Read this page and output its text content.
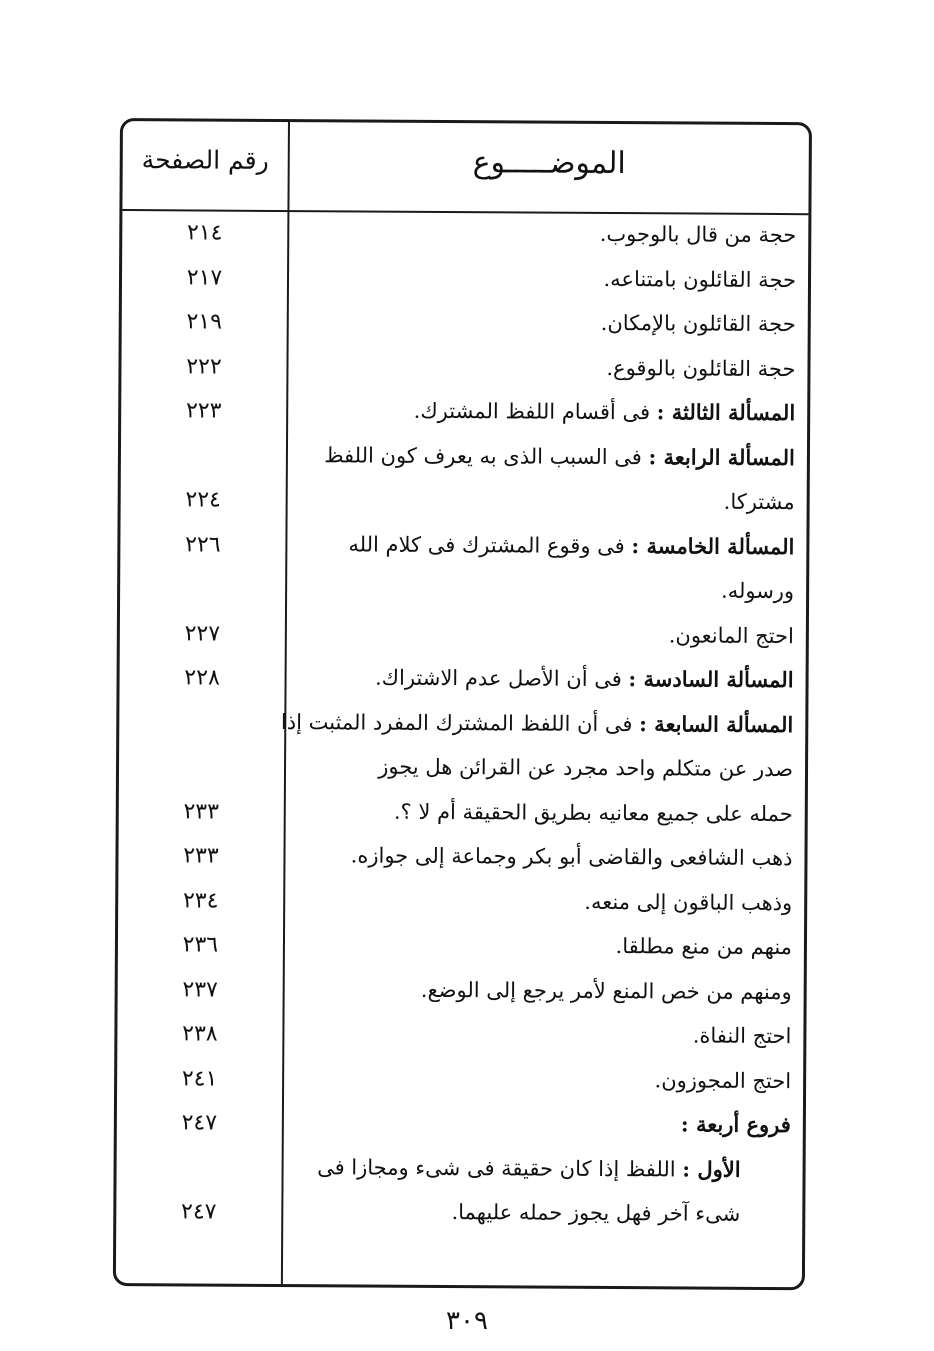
الموضـــــوع
رقم الصفحة
حجة من قال بالوجوب.
٢١٤
حجة القائلون بامتناعه.
٢١٧
حجة القائلون بالإمكان.
٢١٩
حجة القائلون بالوقوع.
٢٢٢
المسألة الثالثة : فى أقسام اللفظ المشترك.
٢٢٣
المسألة الرابعة : فى السبب الذى به يعرف كون اللفظ
مشتركا.
٢٢٤
المسألة الخامسة : فى وقوع المشترك فى كلام الله
٢٢٦
ورسوله.
احتج المانعون.
٢٢٧
المسألة السادسة : فى أن الأصل عدم الاشتراك.
٢٢٨
المسألة السابعة : فى أن اللفظ المشترك المفرد المثبت إذا
صدر عن متكلم واحد مجرد عن القرائن هل يجوز
حمله على جميع معانيه بطريق الحقيقة أم لا ؟.
٢٣٣
ذهب الشافعى والقاضى أبو بكر وجماعة إلى جوازه.
٢٣٣
وذهب الباقون إلى منعه.
٢٣٤
منهم من منع مطلقا.
٢٣٦
ومنهم من خص المنع لأمر يرجع إلى الوضع.
٢٣٧
احتج النفاة.
٢٣٨
احتج المجوزون.
٢٤١
فروع أربعة :
٢٤٧
الأول : اللفظ إذا كان حقيقة فى شىء ومجازا فى
شىء آخر فهل يجوز حمله عليهما.
٢٤٧
٣٠٩
